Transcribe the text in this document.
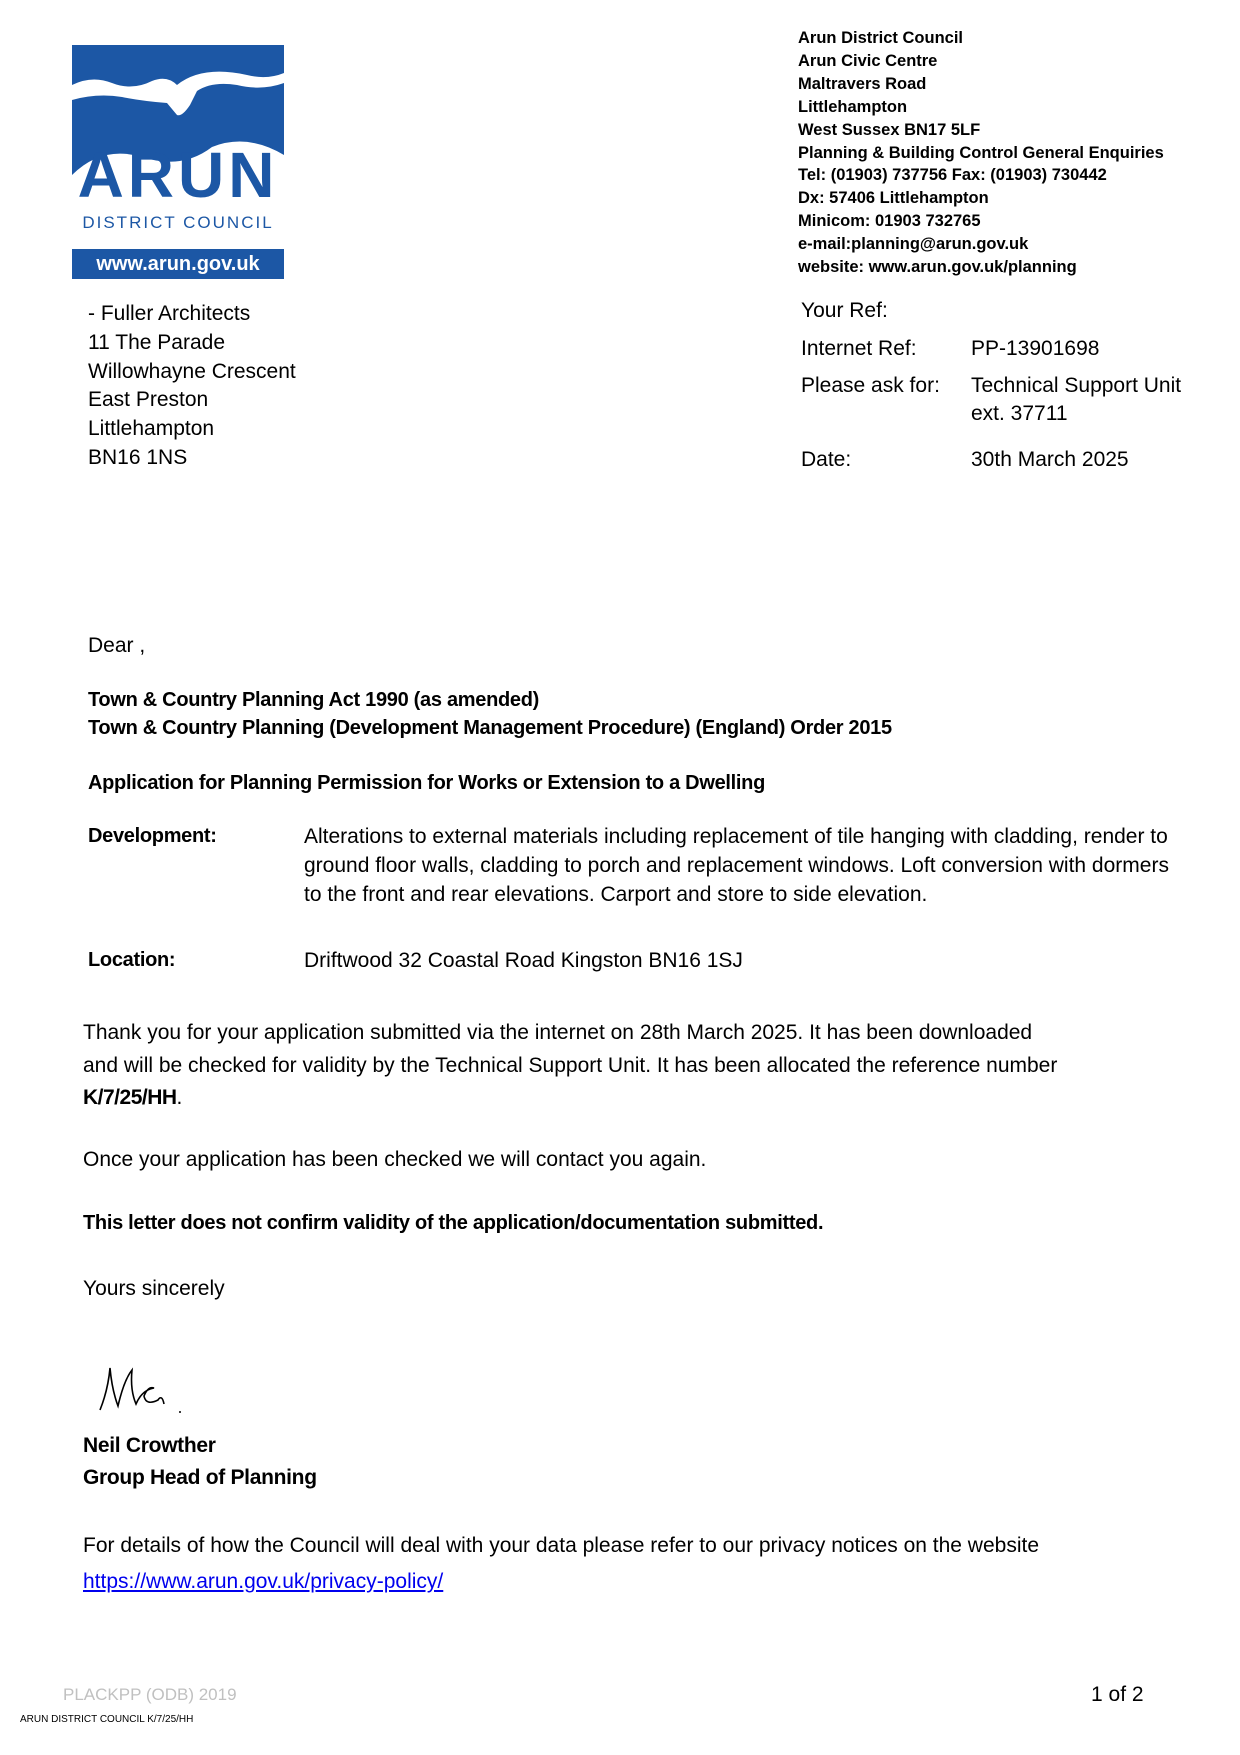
ARUN
DISTRICT COUNCIL
www.arun.gov.uk
Arun District Council
Arun Civic Centre
Maltravers Road
Littlehampton
West Sussex BN17 5LF
Planning & Building Control General Enquiries
Tel: (01903) 737756 Fax: (01903) 730442
Dx: 57406 Littlehampton
Minicom: 01903 732765
e-mail:planning@arun.gov.uk
website: www.arun.gov.uk/planning
- Fuller Architects
11 The Parade
Willowhayne Crescent
East Preston
Littlehampton
BN16 1NS
Your Ref:
Internet Ref:	PP-13901698
Please ask for: Technical Support Unit
ext. 37711
Date:	30th March 2025
Dear ,
Town & Country Planning Act 1990 (as amended)
Town & Country Planning (Development Management Procedure) (England) Order 2015
Application for Planning Permission for Works or Extension to a Dwelling
Development:	Alterations to external materials including replacement of tile hanging with cladding, render to ground floor walls, cladding to porch and replacement windows. Loft conversion with dormers to the front and rear elevations. Carport and store to side elevation.
Location:	Driftwood 32 Coastal Road Kingston BN16 1SJ
Thank you for your application submitted via the internet on 28th March 2025. It has been downloaded
and will be checked for validity by the Technical Support Unit. It has been allocated the reference number
K/7/25/HH.
Once your application has been checked we will contact you again.
This letter does not confirm validity of the application/documentation submitted.
Yours sincerely
Neil Crowther
Group Head of Planning
For details of how the Council will deal with your data please refer to our privacy notices on the website
https://www.arun.gov.uk/privacy-policy/
PLACKPP (ODB) 2019	1 of 2
ARUN DISTRICT COUNCIL K/7/25/HH
